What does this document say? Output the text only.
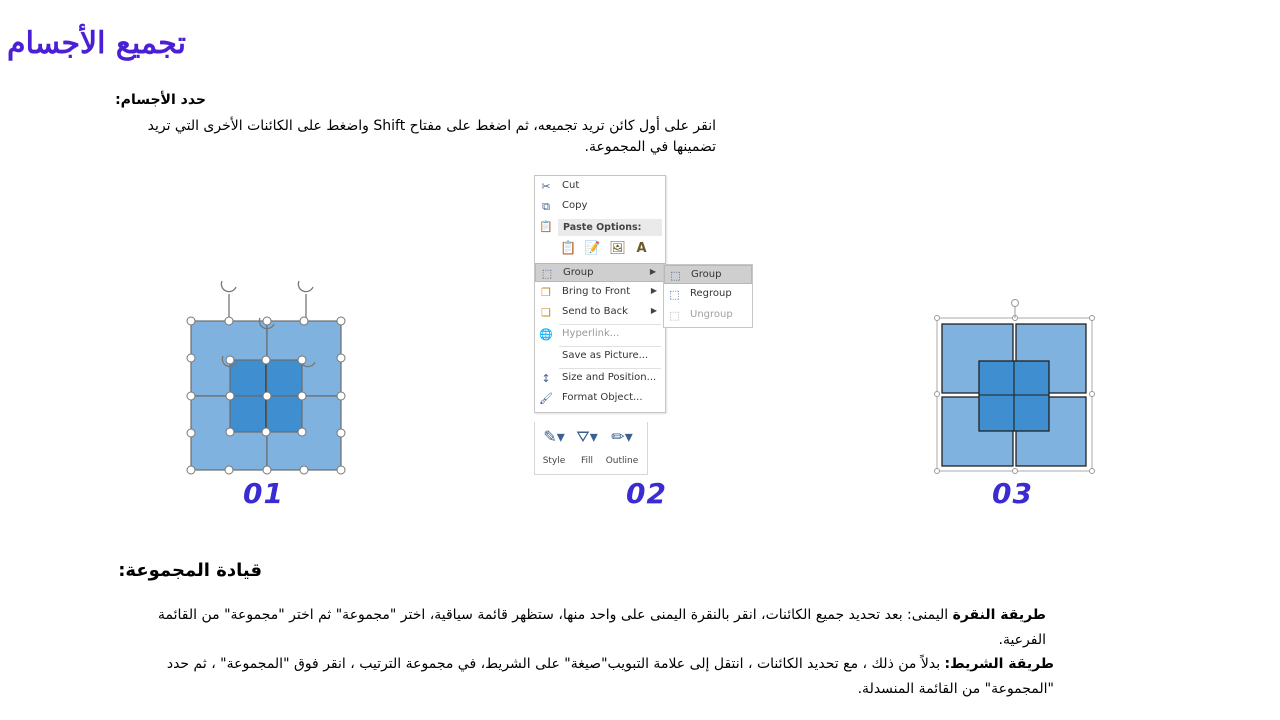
تجميع الأجسام
حدد الأجسام:
انقر على أول كائن تريد تجميعه، ثم اضغط على مفتاح Shift واضغط على الكائنات الأخرى التي تريد تضمينها في المجموعة.
✂	Cut
⧉	Copy
📋	Paste Options:
📋 📝 🖼 A
⬚ Group	▶
❐	Bring to Front	▶
❏	Send to Back	▶
🌐 Hyperlink...
Save as Picture...
↕	Size and Position...
🖌 Format Object...
⬚ Group
⬚ Regroup
⬚ Ungroup
✎▾
Style
⛛▾
Fill
✏▾
Outline
01	02	03
قيادة المجموعة:
طريقة النقرة اليمنى: بعد تحديد جميع الكائنات، انقر بالنقرة اليمنى على واحد منها، ستظهر قائمة سياقية، اختر "مجموعة" ثم اختر "مجموعة" من القائمة الفرعية.
طريقة الشريط: بدلاً من ذلك ، مع تحديد الكائنات ، انتقل إلى علامة التبويب"صيغة" على الشريط، في مجموعة الترتيب ، انقر فوق "المجموعة" ، ثم حدد "المجموعة" من القائمة المنسدلة.
